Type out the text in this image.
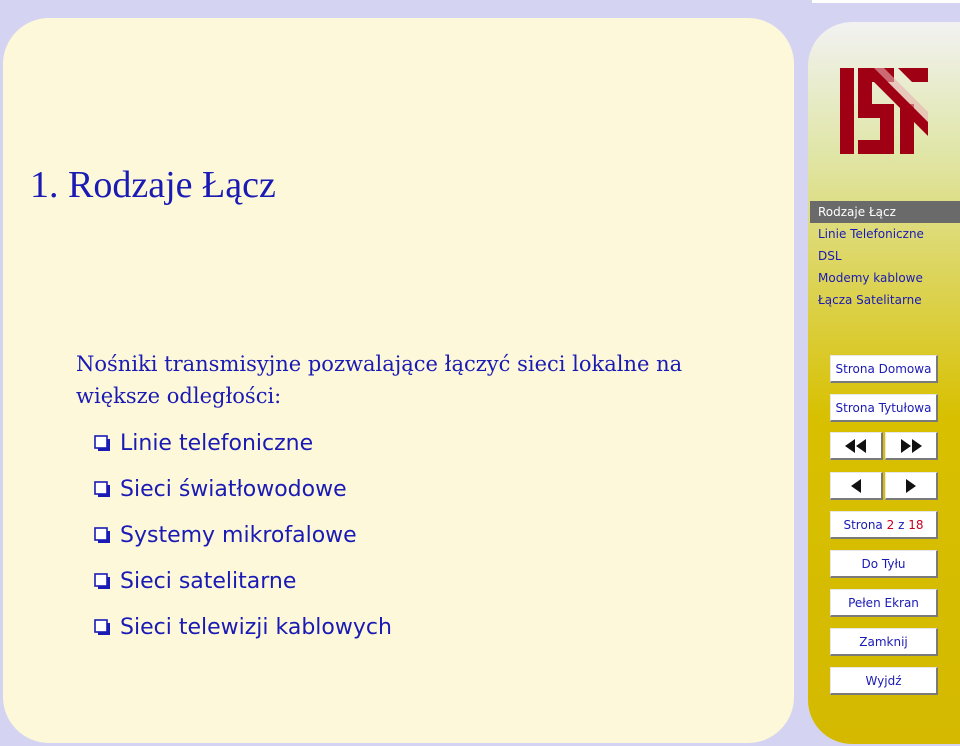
1. Rodzaje Łącz
Nośniki transmisyjne pozwalające łączyć sieci lokalne na większe odległości:
Linie telefoniczne
Sieci światłowodowe
Systemy mikrofalowe
Sieci satelitarne
Sieci telewizji kablowych
Rodzaje Łącz
Linie Telefoniczne
DSL
Modemy kablowe
Łącza Satelitarne
Strona Domowa
Strona Tytułowa
Strona
2
z
18
Do Tyłu
Pełen Ekran
Zamknij
Wyjdź
